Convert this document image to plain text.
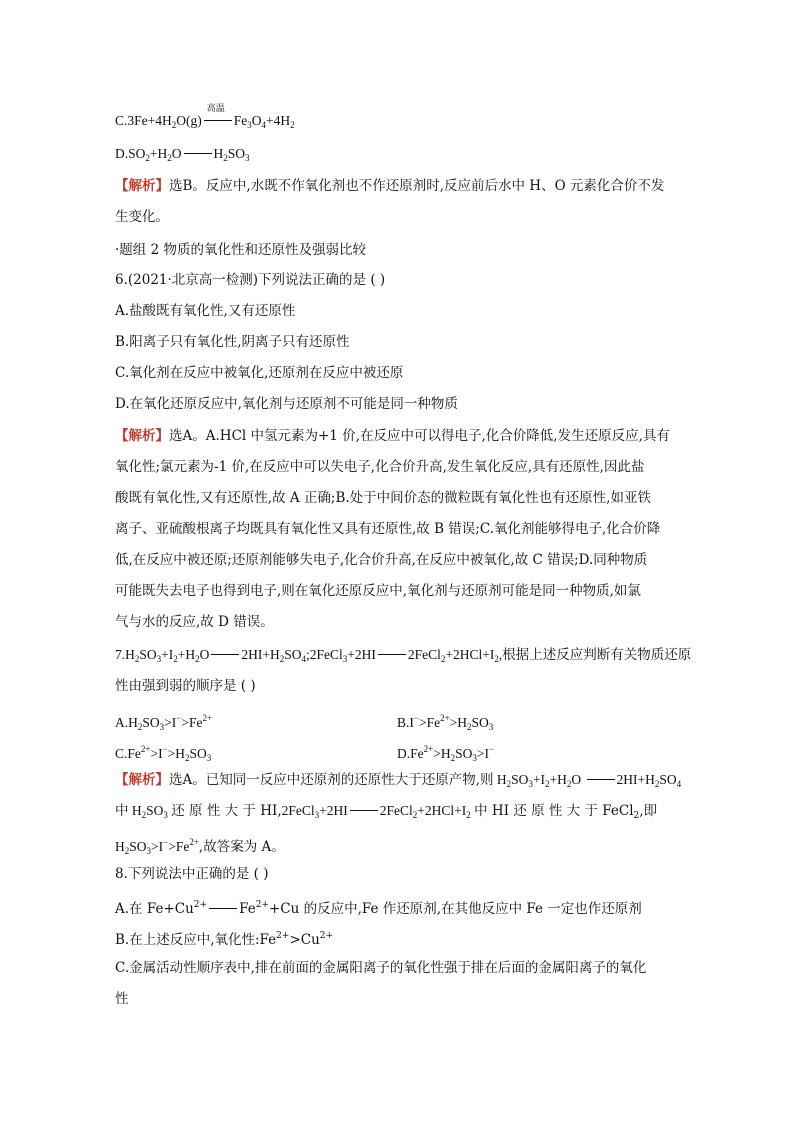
$C.3Fe+4H_2O(g)$
高温
$Fe_3O_4+4H_2$
$D.SO_2+H_2O$ $H_2SO_3$
【解析】选B。反应中,水既不作氧化剂也不作还原剂时,反应前后水中 H、O 元素化合价不发
生变化。
·题组 2 物质的氧化性和还原性及强弱比较
6.(2021·北京高一检测)下列说法正确的是 ( )
A.盐酸既有氧化性,又有还原性
B.阳离子只有氧化性,阴离子只有还原性
C.氧化剂在反应中被氧化,还原剂在反应中被还原
D.在氧化还原反应中,氧化剂与还原剂不可能是同一种物质
【解析】选A。A.HCl 中氢元素为+1 价,在反应中可以得电子,化合价降低,发生还原反应,具有
氧化性;氯元素为-1 价,在反应中可以失电子,化合价升高,发生氧化反应,具有还原性,因此盐
酸既有氧化性,又有还原性,故 A 正确;B.处于中间价态的微粒既有氧化性也有还原性,如亚铁
离子、亚硫酸根离子均既具有氧化性又具有还原性,故 B 错误;C.氧化剂能够得电子,化合价降
低,在反应中被还原;还原剂能够失电子,化合价升高,在反应中被氧化,故 C 错误;D.同种物质
可能既失去电子也得到电子,则在氧化还原反应中,氧化剂与还原剂可能是同一种物质,如氯
气与水的反应,故 D 错误。
$7.H_2SO_3+I_2+H_2O$ $2HI+H_2SO_4;2FeCl_3+2HI$ $2FeCl_2+2HCl+I_2$,根据上述反应判断有关物质还原
性由强到弱的顺序是 ( )
$A.H_2SO_3>I^->Fe^{2+}$	$B.I^->Fe^{2+}>H_2SO_3$
$C.Fe^{2+}>I^->H_2SO_3$	$D.Fe^{2+}>H_2SO_3>I^-$
【解析】选A。已知同一反应中还原剂的还原性大于还原产物,则 $H_2SO_3+I_2+H_2O$ $2HI+H_2SO_4$
中 $H_2SO_3$ 还 原 性 大 于 HI,2FeCl$_3$+2HI $2FeCl_2+2HCl+I_2$ 中 HI 还 原 性 大 于 FeCl$_2$,即
$H_2SO_3>I^->Fe^{2+}$,故答案为 A。
8.下列说法中正确的是 ( )
A.在 $Fe+Cu^{2+}$ $Fe^{2+}+Cu$ 的反应中,Fe 作还原剂,在其他反应中 Fe 一定也作还原剂
B.在上述反应中,氧化性$:Fe^{2+}>Cu^{2+}$
C.金属活动性顺序表中,排在前面的金属阳离子的氧化性强于排在后面的金属阳离子的氧化
性
